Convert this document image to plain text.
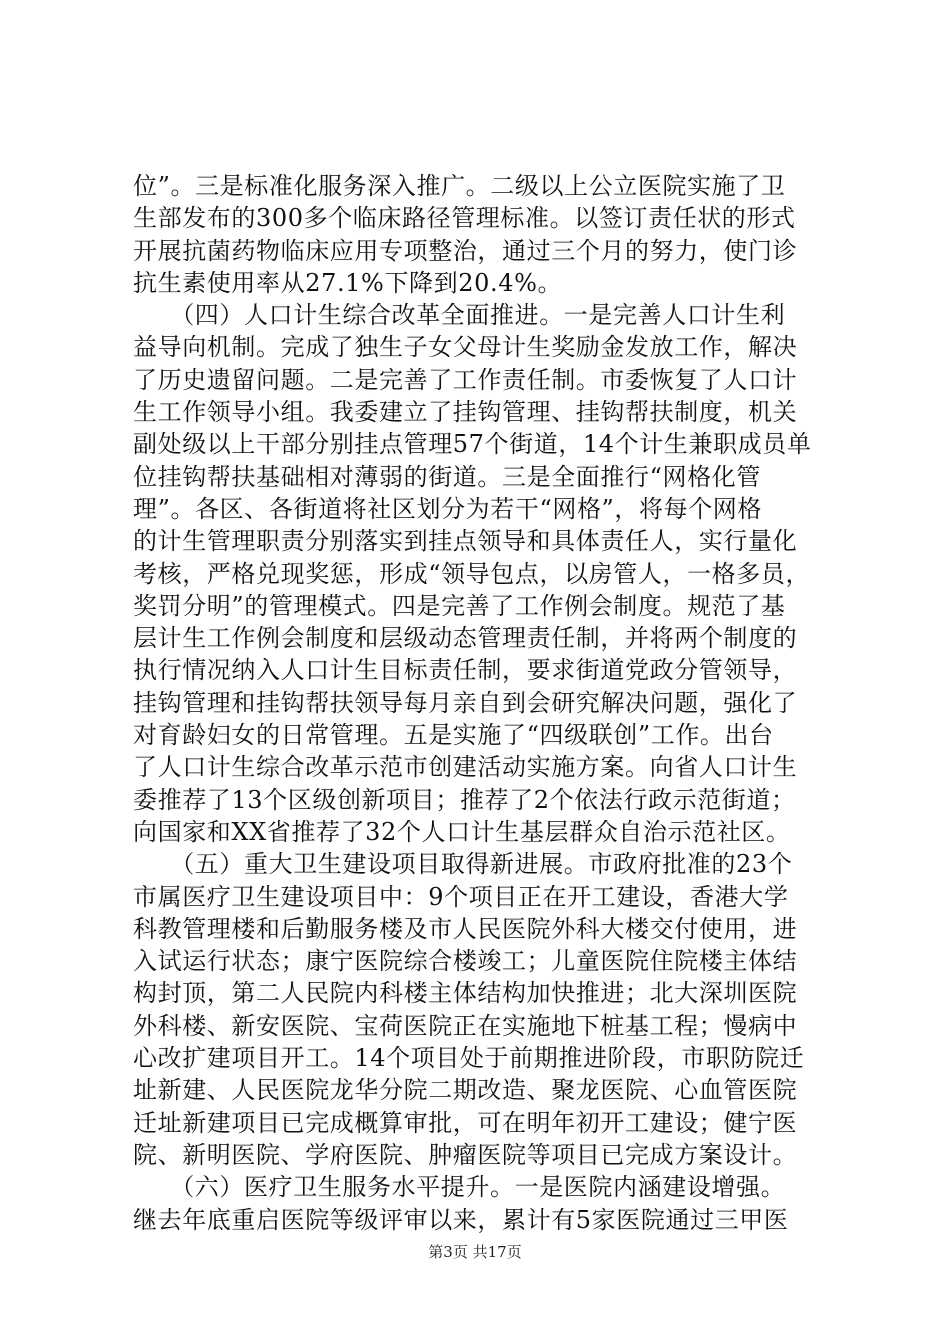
位”。三是标准化服务深入推广。二级以上公立医院实施了卫
生部发布的300多个临床路径管理标准。以签订责任状的形式
开展抗菌药物临床应用专项整治，通过三个月的努力，使门诊
抗生素使用率从27.1%下降到20.4%。
　　（四）人口计生综合改革全面推进。一是完善人口计生利
益导向机制。完成了独生子女父母计生奖励金发放工作，解决
了历史遗留问题。二是完善了工作责任制。市委恢复了人口计
生工作领导小组。我委建立了挂钩管理、挂钩帮扶制度，机关
副处级以上干部分别挂点管理57个街道，14个计生兼职成员单
位挂钩帮扶基础相对薄弱的街道。三是全面推行“网格化管
理”。各区、各街道将社区划分为若干“网格”，将每个网格
的计生管理职责分别落实到挂点领导和具体责任人，实行量化
考核，严格兑现奖惩，形成“领导包点，以房管人，一格多员，
奖罚分明”的管理模式。四是完善了工作例会制度。规范了基
层计生工作例会制度和层级动态管理责任制，并将两个制度的
执行情况纳入人口计生目标责任制，要求街道党政分管领导，
挂钩管理和挂钩帮扶领导每月亲自到会研究解决问题，强化了
对育龄妇女的日常管理。五是实施了“四级联创”工作。出台
了人口计生综合改革示范市创建活动实施方案。向省人口计生
委推荐了13个区级创新项目；推荐了2个依法行政示范街道；
向国家和XX省推荐了32个人口计生基层群众自治示范社区。
　　（五）重大卫生建设项目取得新进展。市政府批准的23个
市属医疗卫生建设项目中：9个项目正在开工建设，香港大学
科教管理楼和后勤服务楼及市人民医院外科大楼交付使用，进
入试运行状态；康宁医院综合楼竣工；儿童医院住院楼主体结
构封顶，第二人民院内科楼主体结构加快推进；北大深圳医院
外科楼、新安医院、宝荷医院正在实施地下桩基工程；慢病中
心改扩建项目开工。14个项目处于前期推进阶段，市职防院迁
址新建、人民医院龙华分院二期改造、聚龙医院、心血管医院
迁址新建项目已完成概算审批，可在明年初开工建设；健宁医
院、新明医院、学府医院、肿瘤医院等项目已完成方案设计。
　　（六）医疗卫生服务水平提升。一是医院内涵建设增强。
继去年底重启医院等级评审以来，累计有5家医院通过三甲医
第3页 共17页
